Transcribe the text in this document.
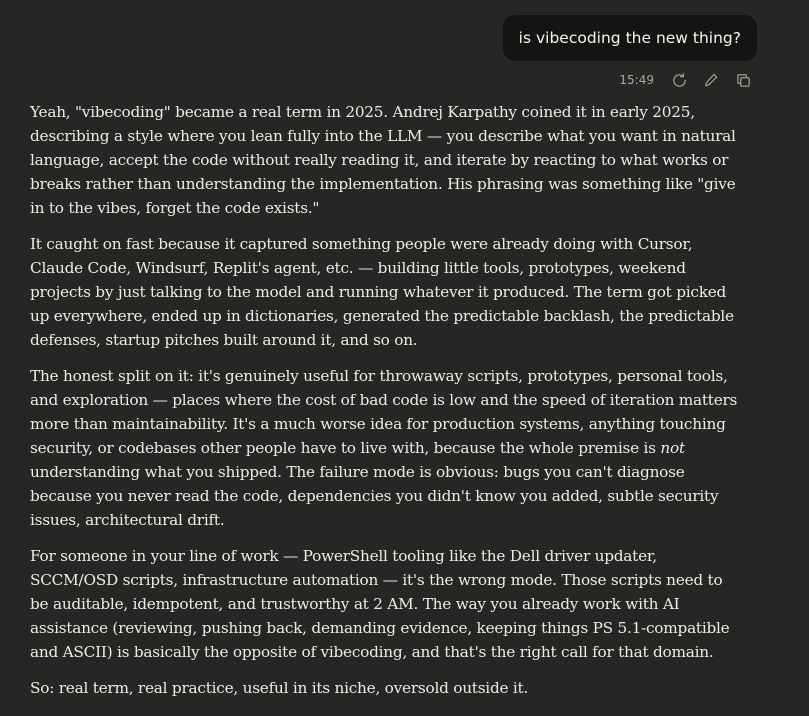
is vibecoding the new thing?
15:49

Yeah, "vibecoding" became a real term in 2025. Andrej Karpathy coined it in early 2025, describing a style where you lean fully into the LLM — you describe what you want in natural language, accept the code without really reading it, and iterate by reacting to what works or breaks rather than understanding the implementation. His phrasing was something like "give in to the vibes, forget the code exists."

It caught on fast because it captured something people were already doing with Cursor, Claude Code, Windsurf, Replit's agent, etc. — building little tools, prototypes, weekend projects by just talking to the model and running whatever it produced. The term got picked up everywhere, ended up in dictionaries, generated the predictable backlash, the predictable defenses, startup pitches built around it, and so on.

The honest split on it: it's genuinely useful for throwaway scripts, prototypes, personal tools, and exploration — places where the cost of bad code is low and the speed of iteration matters more than maintainability. It's a much worse idea for production systems, anything touching security, or codebases other people have to live with, because the whole premise is not understanding what you shipped. The failure mode is obvious: bugs you can't diagnose because you never read the code, dependencies you didn't know you added, subtle security issues, architectural drift.

For someone in your line of work — PowerShell tooling like the Dell driver updater, SCCM/OSD scripts, infrastructure automation — it's the wrong mode. Those scripts need to be auditable, idempotent, and trustworthy at 2 AM. The way you already work with AI assistance (reviewing, pushing back, demanding evidence, keeping things PS 5.1-compatible and ASCII) is basically the opposite of vibecoding, and that's the right call for that domain.

So: real term, real practice, useful in its niche, oversold outside it.
